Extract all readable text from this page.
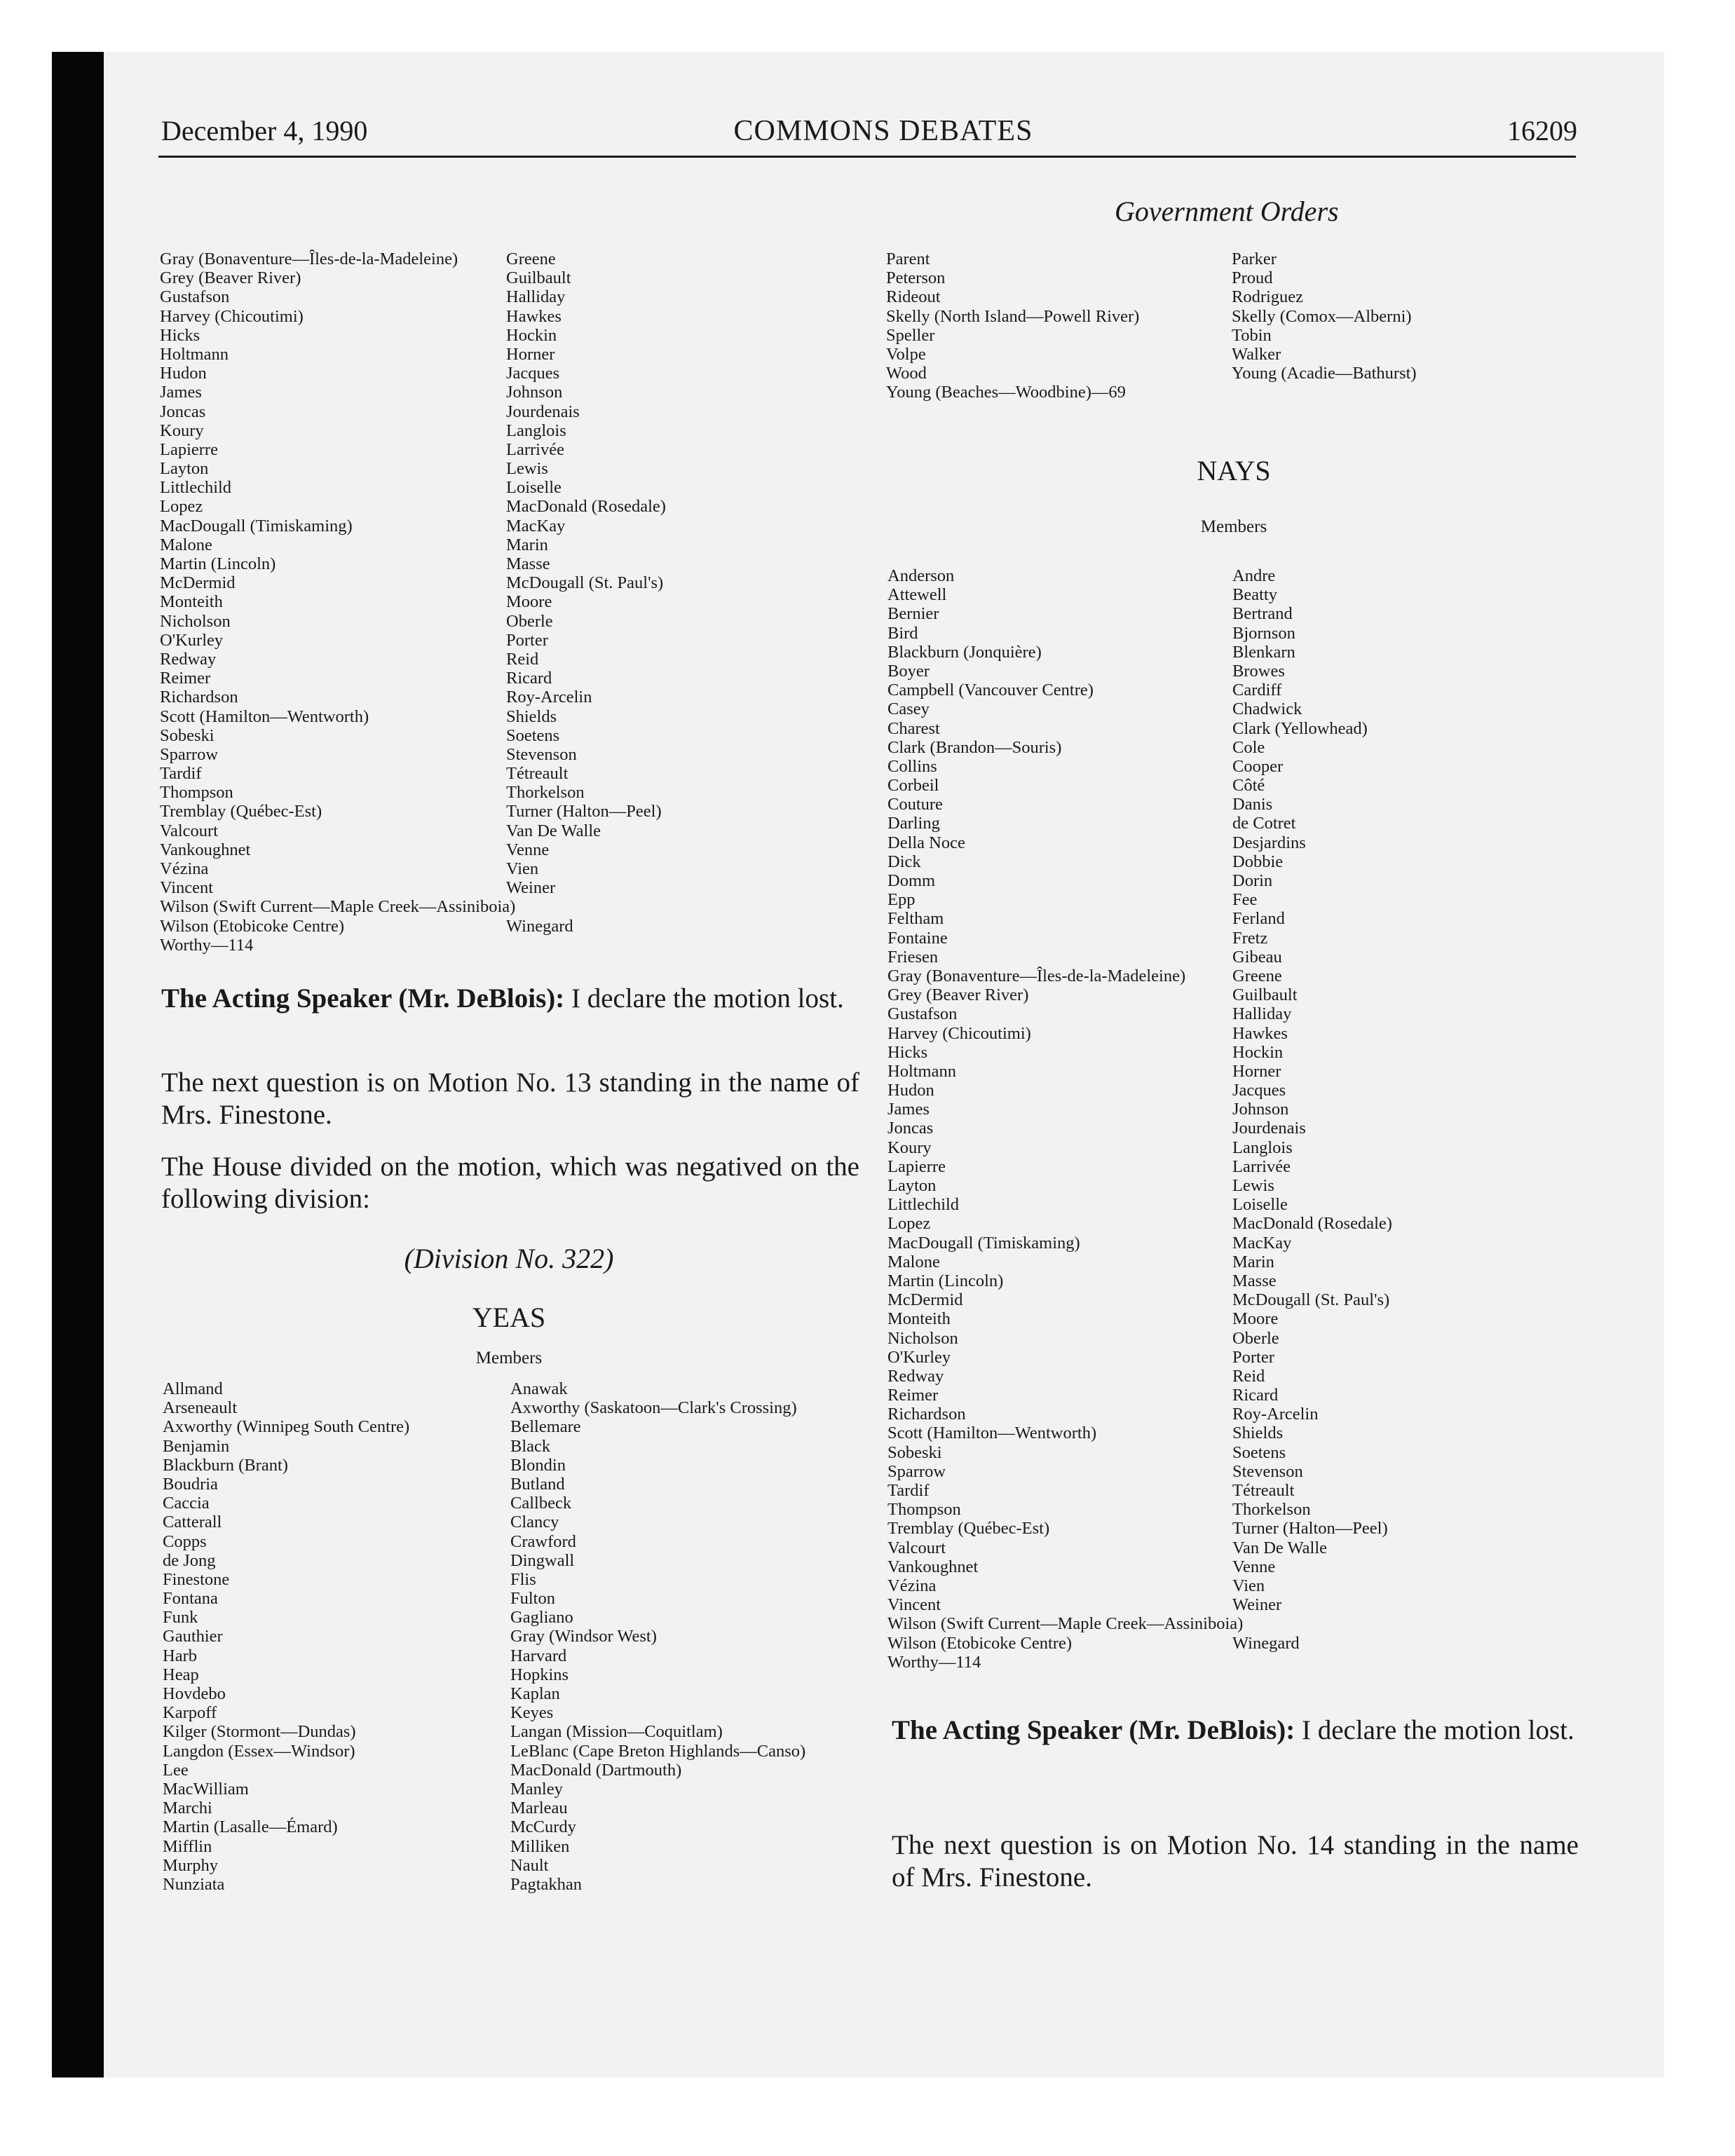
December 4, 1990	COMMONS DEBATES	16209
Government Orders
Gray (Bonaventure—Îles-de-la-Madeleine)
Grey (Beaver River)
Gustafson
Harvey (Chicoutimi)
Hicks
Holtmann
Hudon
James
Joncas
Koury
Lapierre
Layton
Littlechild
Lopez
MacDougall (Timiskaming)
Malone
Martin (Lincoln)
McDermid
Monteith
Nicholson
O'Kurley
Redway
Reimer
Richardson
Scott (Hamilton—Wentworth)
Sobeski
Sparrow
Tardif
Thompson
Tremblay (Québec-Est)
Valcourt
Vankoughnet
Vézina
Vincent
Wilson (Swift Current—Maple Creek—Assiniboia)
Wilson (Etobicoke Centre)
Worthy—114
Greene
Guilbault
Halliday
Hawkes
Hockin
Horner
Jacques
Johnson
Jourdenais
Langlois
Larrivée
Lewis
Loiselle
MacDonald (Rosedale)
MacKay
Marin
Masse
McDougall (St. Paul's)
Moore
Oberle
Porter
Reid
Ricard
Roy-Arcelin
Shields
Soetens
Stevenson
Tétreault
Thorkelson
Turner (Halton—Peel)
Van De Walle
Venne
Vien
Weiner
Winegard

The Acting Speaker (Mr. DeBlois): I declare the motion lost.

The next question is on Motion No. 13 standing in the name of Mrs. Finestone.

The House divided on the motion, which was negatived on the following division:

(Division No. 322)
YEAS
Members
Allmand
Arseneault
Axworthy (Winnipeg South Centre)
Benjamin
Blackburn (Brant)
Boudria
Caccia
Catterall
Copps
de Jong
Finestone
Fontana
Funk
Gauthier
Harb
Heap
Hovdebo
Karpoff
Kilger (Stormont—Dundas)
Langdon (Essex—Windsor)
Lee
MacWilliam
Marchi
Martin (Lasalle—Émard)
Mifflin
Murphy
Nunziata
Anawak
Axworthy (Saskatoon—Clark's Crossing)
Bellemare
Black
Blondin
Butland
Callbeck
Clancy
Crawford
Dingwall
Flis
Fulton
Gagliano
Gray (Windsor West)
Harvard
Hopkins
Kaplan
Keyes
Langan (Mission—Coquitlam)
LeBlanc (Cape Breton Highlands—Canso)
MacDonald (Dartmouth)
Manley
Marleau
McCurdy
Milliken
Nault
Pagtakhan
Parent
Peterson
Rideout
Skelly (North Island—Powell River)
Speller
Volpe
Wood
Young (Beaches—Woodbine)—69
Parker
Proud
Rodriguez
Skelly (Comox—Alberni)
Tobin
Walker
Young (Acadie—Bathurst)
NAYS
Members
Anderson
Attewell
Bernier
Bird
Blackburn (Jonquière)
Boyer
Campbell (Vancouver Centre)
Casey
Charest
Clark (Brandon—Souris)
Collins
Corbeil
Couture
Darling
Della Noce
Dick
Domm
Epp
Feltham
Fontaine
Friesen
Gray (Bonaventure—Îles-de-la-Madeleine)
Grey (Beaver River)
Gustafson
Harvey (Chicoutimi)
Hicks
Holtmann
Hudon
James
Joncas
Koury
Lapierre
Layton
Littlechild
Lopez
MacDougall (Timiskaming)
Malone
Martin (Lincoln)
McDermid
Monteith
Nicholson
O'Kurley
Redway
Reimer
Richardson
Scott (Hamilton—Wentworth)
Sobeski
Sparrow
Tardif
Thompson
Tremblay (Québec-Est)
Valcourt
Vankoughnet
Vézina
Vincent
Wilson (Swift Current—Maple Creek—Assiniboia)
Wilson (Etobicoke Centre)
Worthy—114
Andre
Beatty
Bertrand
Bjornson
Blenkarn
Browes
Cardiff
Chadwick
Clark (Yellowhead)
Cole
Cooper
Côté
Danis
de Cotret
Desjardins
Dobbie
Dorin
Fee
Ferland
Fretz
Gibeau
Greene
Guilbault
Halliday
Hawkes
Hockin
Horner
Jacques
Johnson
Jourdenais
Langlois
Larrivée
Lewis
Loiselle
MacDonald (Rosedale)
MacKay
Marin
Masse
McDougall (St. Paul's)
Moore
Oberle
Porter
Reid
Ricard
Roy-Arcelin
Shields
Soetens
Stevenson
Tétreault
Thorkelson
Turner (Halton—Peel)
Van De Walle
Venne
Vien
Weiner
Winegard

The Acting Speaker (Mr. DeBlois): I declare the motion lost.

The next question is on Motion No. 14 standing in the name of Mrs. Finestone.
